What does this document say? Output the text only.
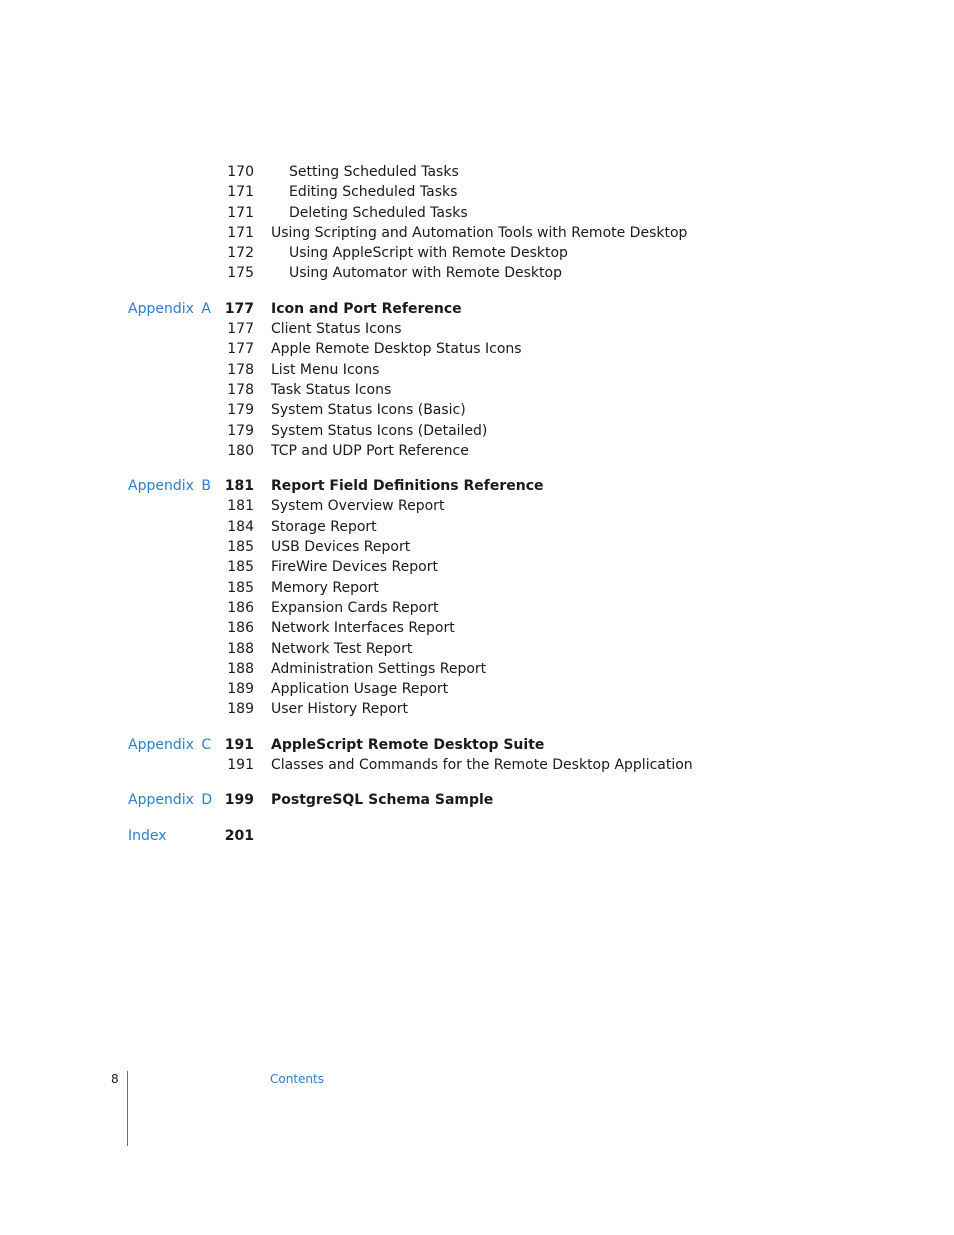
170	Setting Scheduled Tasks
171	Editing Scheduled Tasks
171	Deleting Scheduled Tasks
171 Using Scripting and Automation Tools with Remote Desktop
172	Using AppleScript with Remote Desktop
175	Using Automator with Remote Desktop
Appendix A 177 Icon and Port Reference
177 Client Status Icons
177 Apple Remote Desktop Status Icons
178 List Menu Icons
178 Task Status Icons
179 System Status Icons (Basic)
179 System Status Icons (Detailed)
180 TCP and UDP Port Reference
Appendix B 181 Report Field Definitions Reference
181 System Overview Report
184 Storage Report
185 USB Devices Report
185 FireWire Devices Report
185 Memory Report
186 Expansion Cards Report
186 Network Interfaces Report
188 Network Test Report
188 Administration Settings Report
189 Application Usage Report
189 User History Report
Appendix C 191 AppleScript Remote Desktop Suite
191 Classes and Commands for the Remote Desktop Application
Appendix D 199 PostgreSQL Schema Sample
Index	201
8	Contents
